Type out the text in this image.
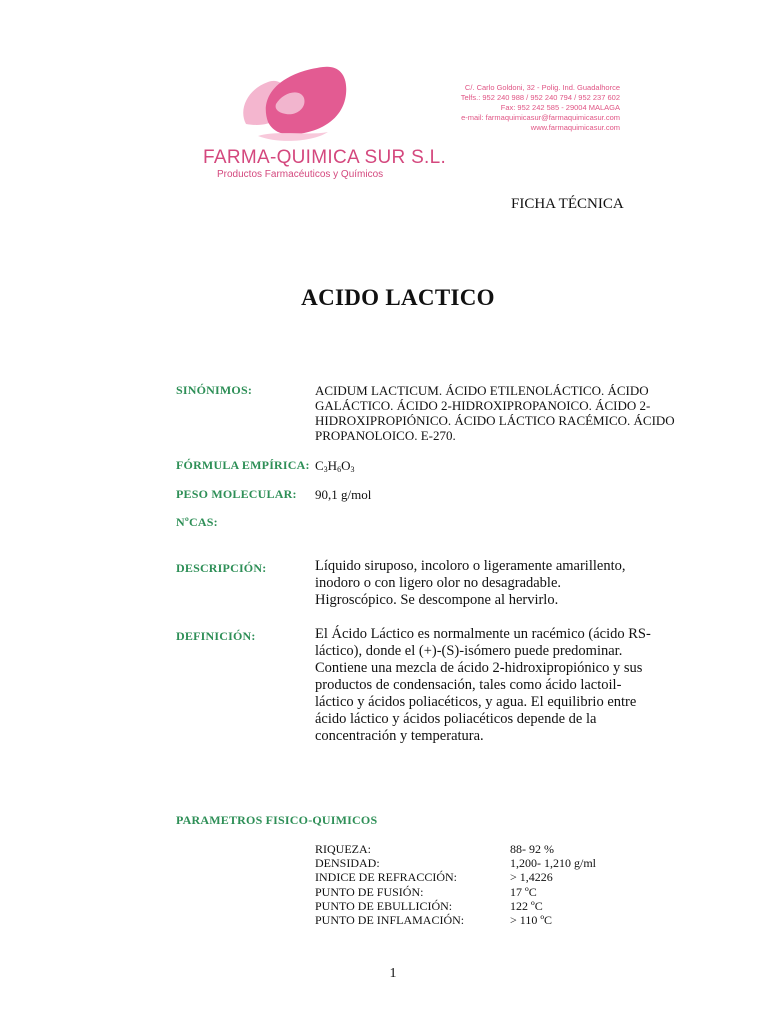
FARMA-QUIMICA SUR S.L.
Productos Farmacéuticos y Químicos
C/. Carlo Goldoni, 32 - Polig. Ind. Guadalhorce
Telfs.: 952 240 988 / 952 240 794 / 952 237 602
Fax: 952 242 585 - 29004 MALAGA
e-mail: farmaquimicasur@farmaquimicasur.com
www.farmaquimicasur.com
FICHA TÉCNICA
ACIDO LACTICO
SINÓNIMOS:	ACIDUM LACTICUM. ÁCIDO ETILENOLÁCTICO. ÁCIDO
GALÁCTICO. ÁCIDO 2-HIDROXIPROPANOICO. ÁCIDO 2-
HIDROXIPROPIÓNICO. ÁCIDO LÁCTICO RACÉMICO. ÁCIDO
PROPANOLOICO. E-270.
FÓRMULA EMPÍRICA: $C_3H_6O_3$
PESO MOLECULAR: 90,1 g/mol
NºCAS:
DESCRIPCIÓN:	Líquido siruposo, incoloro o ligeramente amarillento,
inodoro o con ligero olor no desagradable.
Higroscópico. Se descompone al hervirlo.
DEFINICIÓN:	El Ácido Láctico es normalmente un racémico (ácido RS-
láctico), donde el (+)-(S)-isómero puede predominar.
Contiene una mezcla de ácido 2-hidroxipropiónico y sus
productos de condensación, tales como ácido lactoil-
láctico y ácidos poliacéticos, y agua. El equilibrio entre
ácido láctico y ácidos poliacéticos depende de la
concentración y temperatura.
PARAMETROS FISICO-QUIMICOS
RIQUEZA:	88- 92 %
DENSIDAD:	1,200- 1,210 g/ml
INDICE DE REFRACCIÓN:	> 1,4226
PUNTO DE FUSIÓN:	17 ºC
PUNTO DE EBULLICIÓN:	122 ºC
PUNTO DE INFLAMACIÓN:	> 110 ºC
1
